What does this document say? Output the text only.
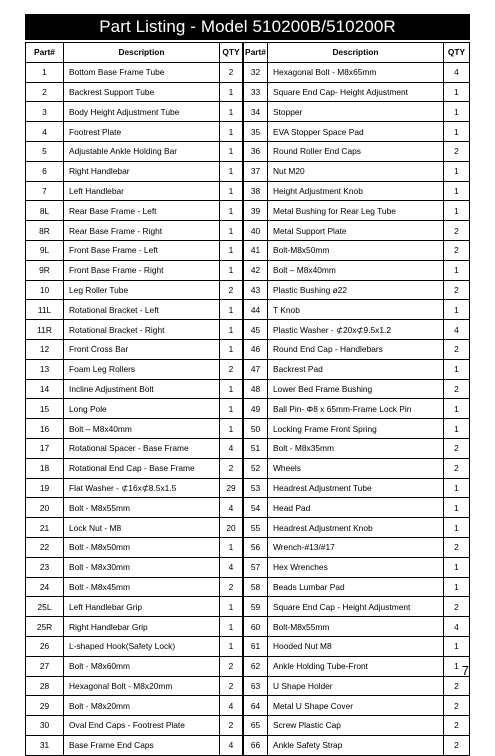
Part Listing - Model 510200B/510200R
Part#	Description	QTY
1	Bottom Base Frame Tube	2
2	Backrest Support Tube	1
3	Body Height Adjustment Tube	1
4	Footrest Plate	1
5	Adjustable Ankle Holding Bar	1
6	Right Handlebar	1
7	Left Handlebar	1
8L	Rear Base Frame - Left	1
8R	Rear Base Frame - Right	1
9L	Front Base Frame - Left	1
9R	Front Base Frame - Right	1
10	Leg Roller Tube	2
11L	Rotational Bracket - Left	1
11R	Rotational Bracket - Right	1
12	Front Cross Bar	1
13	Foam Leg Rollers	2
14	Incline Adjustment Bolt	1
15	Long Pole	1
16	Bolt – M8x40mm	1
17	Rotational Spacer - Base Frame	4
18	Rotational End Cap - Base Frame	2
19	Flat Washer - ⊄16x⊄8.5x1.5	29
20	Bolt - M8x55mm	4
21	Lock Nut - M8	20
22	Bolt - M8x50mm	1
23	Bolt - M8x30mm	4
24	Bolt - M8x45mm	2
25L	Left Handlebar Grip	1
25R	Right Handlebar Grip	1
26	L-shaped Hook(Safety Lock)	1
27	Bolt - M8x60mm	2
28	Hexagonal Bolt - M8x20mm	2
29	Bolt - M8x20mm	4
30	Oval End Caps - Footrest Plate	2
31	Base Frame End Caps	4
Part#	Description	QTY
32	Hexagonal Bolt - M8x65mm	4
33	Square End Cap- Height Adjustment	1
34	Stopper	1
35	EVA Stopper Space Pad	1
36	Round Roller End Caps	2
37	Nut M20	1
38	Height Adjustment Knob	1
39	Metal Bushing for Rear Leg Tube	1
40	Metal Support Plate	2
41	Bolt-M8x50mm	2
42	Bolt – M8x40mm	1
43	Plastic Bushing ø22	2
44	T Knob	1
45	Plastic Washer - ⊄20x⊄9.5x1.2	4
46	Round End Cap - Handlebars	2
47	Backrest Pad	1
48	Lower Bed Frame Bushing	2
49	Ball Pin- Φ8 x 65mm-Frame Lock Pin	1
50	Locking Frame Front Spring	1
51	Bolt - M8x35mm	2
52	Wheels	2
53	Headrest Adjustment Tube	1
54	Head Pad	1
55	Headrest Adjustment Knob	1
56	Wrench-#13/#17	2
57	Hex Wrenches	1
58	Beads Lumbar Pad	1
59	Square End Cap - Height Adjustment	2
60	Bolt-M8x55mm	4
61	Hooded Nut M8	1
62	Ankle Holding Tube-Front	1
63	U Shape Holder	2
64	Metal U Shape Cover	2
65	Screw Plastic Cap	2
66	Ankle Safety Strap	2
7
